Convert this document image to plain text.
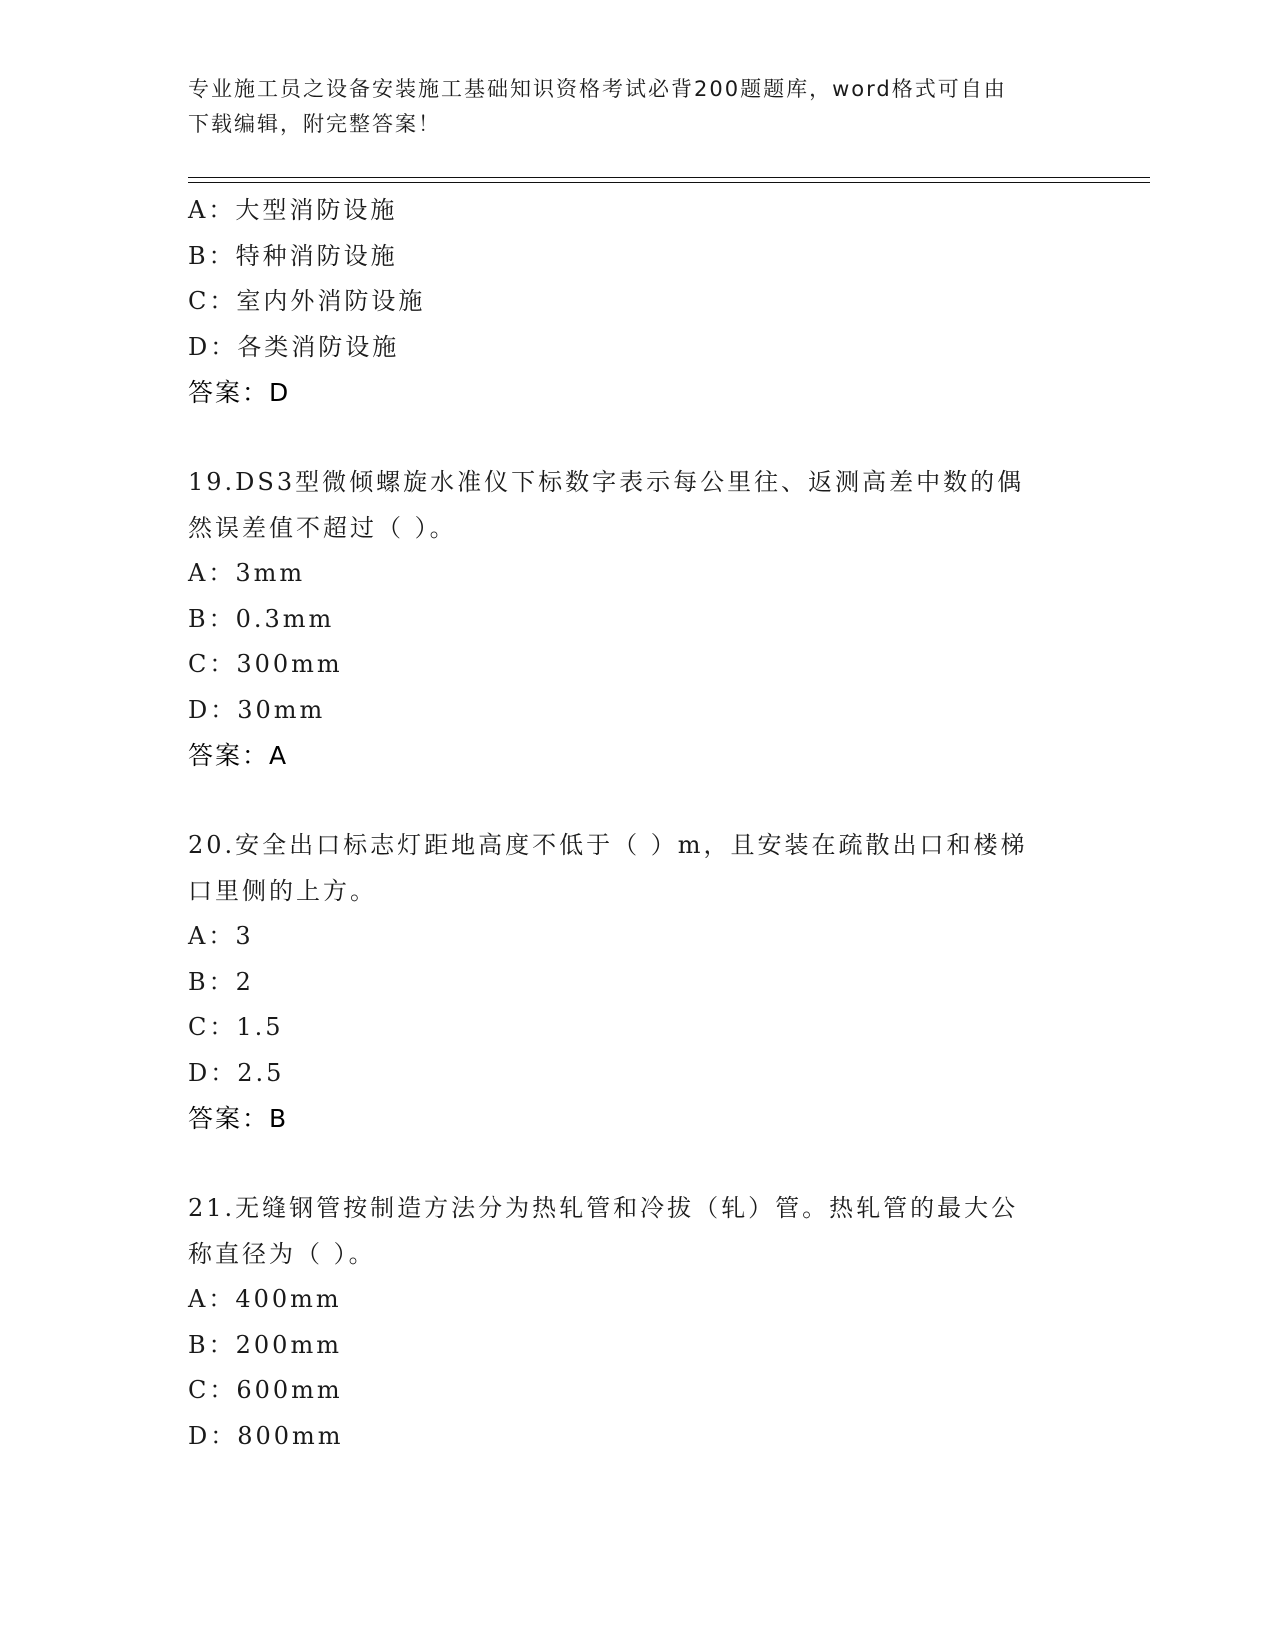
专业施工员之设备安装施工基础知识资格考试必背200题题库，word格式可自由
下载编辑，附完整答案！
A：大型消防设施
B：特种消防设施
C：室内外消防设施
D：各类消防设施
答案：D
19.DS3型微倾螺旋水准仪下标数字表示每公里往、返测高差中数的偶
然误差值不超过（ ）。
A：3mm
B：0.3mm
C：300mm
D：30mm
答案：A
20.安全出口标志灯距地高度不低于（ ）m，且安装在疏散出口和楼梯
口里侧的上方。
A：3
B：2
C：1.5
D：2.5
答案：B
21.无缝钢管按制造方法分为热轧管和冷拔（轧）管。热轧管的最大公
称直径为（ ）。
A：400mm
B：200mm
C：600mm
D：800mm
